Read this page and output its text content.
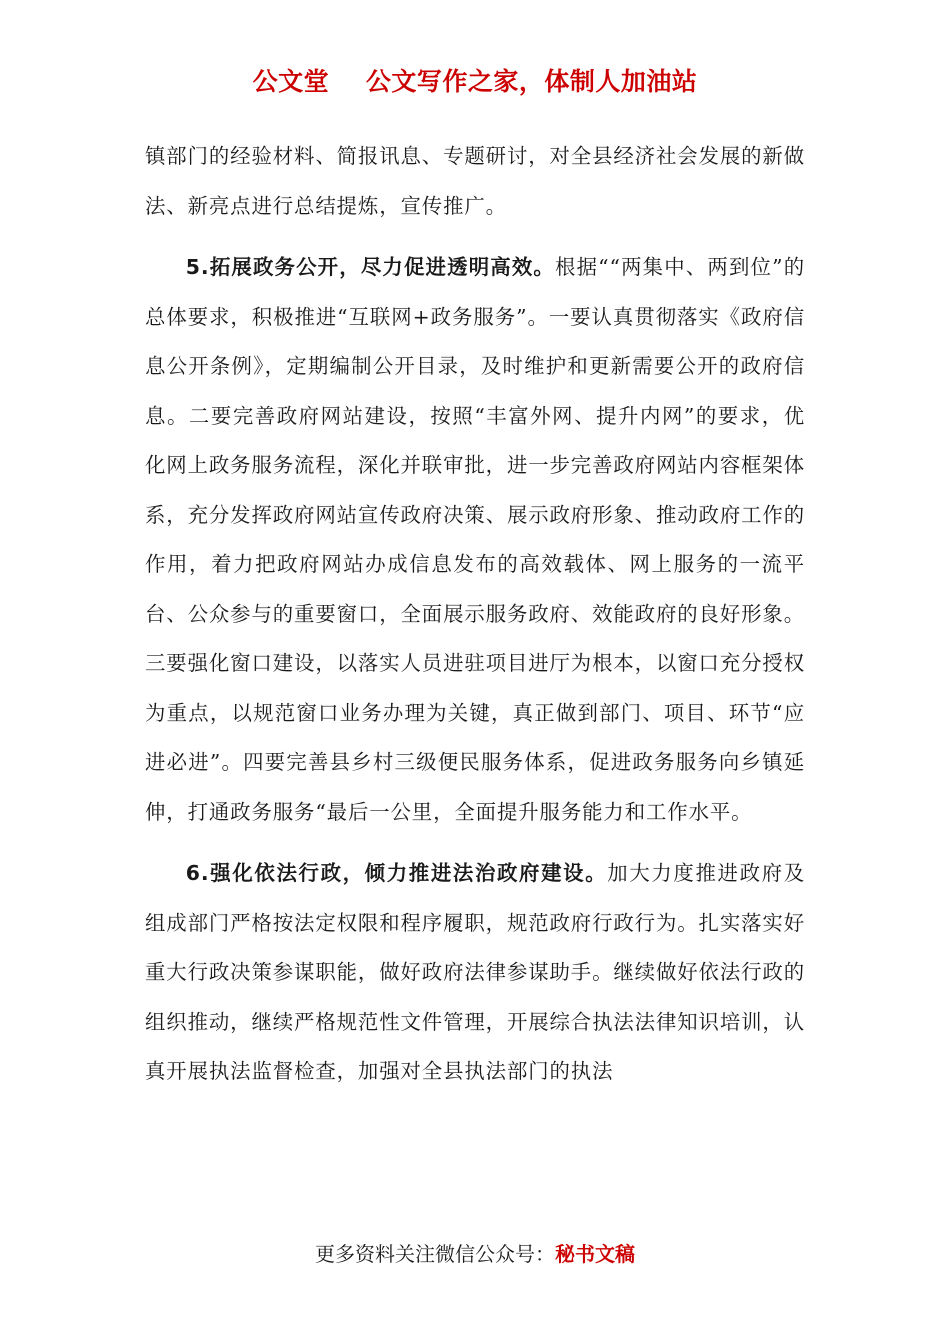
公文堂    公文写作之家，体制人加油站

镇部门的经验材料、简报讯息、专题研讨，对全县经济社会发展的新做法、新亮点进行总结提炼，宣传推广。

5.拓展政务公开，尽力促进透明高效。根据““两集中、两到位”的总体要求，积极推进“互联网+政务服务”。一要认真贯彻落实《政府信息公开条例》，定期编制公开目录，及时维护和更新需要公开的政府信息。二要完善政府网站建设，按照“丰富外网、提升内网”的要求，优化网上政务服务流程，深化并联审批，进一步完善政府网站内容框架体系，充分发挥政府网站宣传政府决策、展示政府形象、推动政府工作的作用，着力把政府网站办成信息发布的高效载体、网上服务的一流平台、公众参与的重要窗口，全面展示服务政府、效能政府的良好形象。三要强化窗口建设，以落实人员进驻项目进厅为根本，以窗口充分授权为重点，以规范窗口业务办理为关键，真正做到部门、项目、环节“应进必进”。四要完善县乡村三级便民服务体系，促进政务服务向乡镇延伸，打通政务服务“最后一公里，全面提升服务能力和工作水平。

6.强化依法行政，倾力推进法治政府建设。加大力度推进政府及组成部门严格按法定权限和程序履职，规范政府行政行为。扎实落实好重大行政决策参谋职能，做好政府法律参谋助手。继续做好依法行政的组织推动，继续严格规范性文件管理，开展综合执法法律知识培训，认真开展执法监督检查，加强对全县执法部门的执法

更多资料关注微信公众号：秘书文稿
